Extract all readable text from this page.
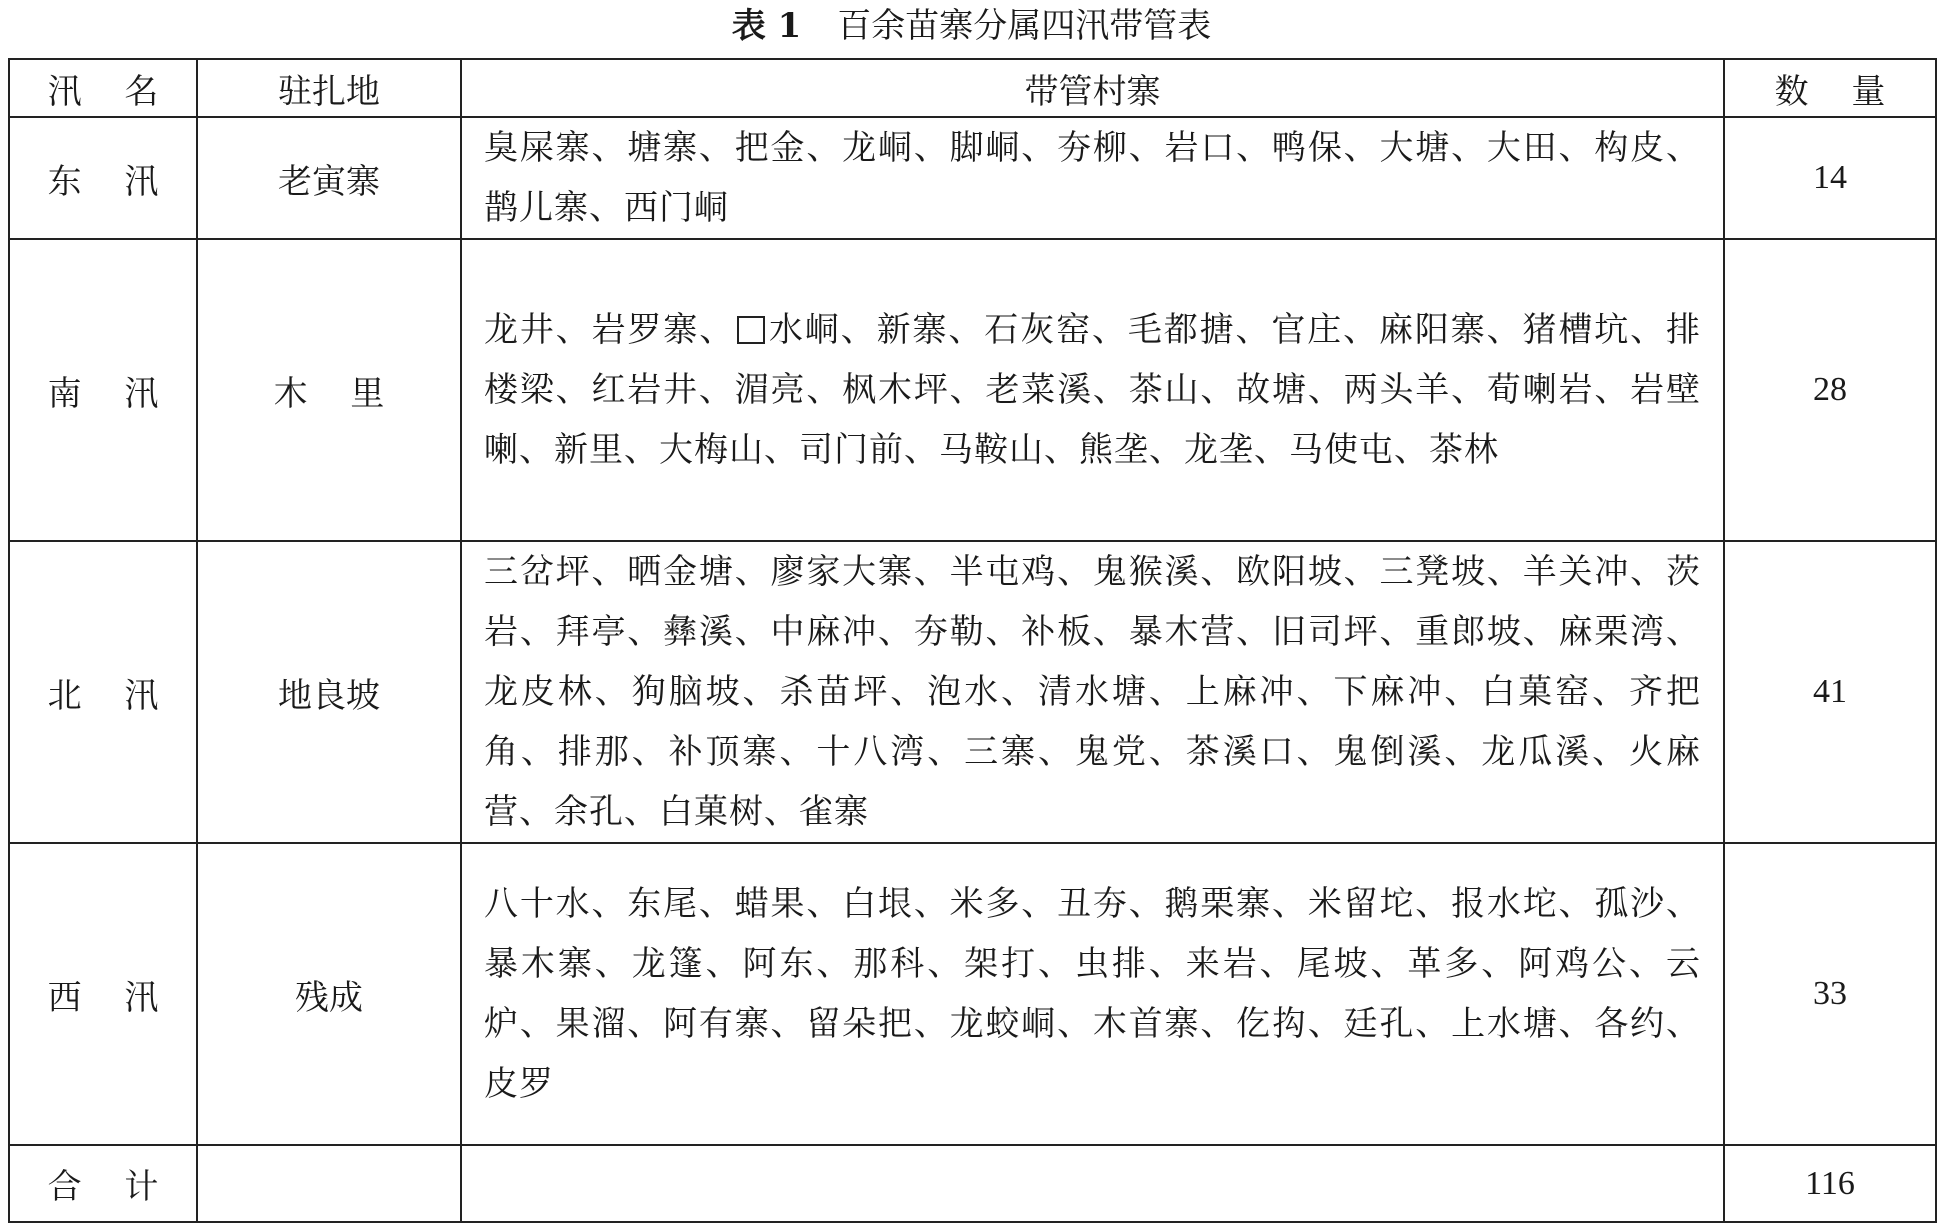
表 1 百余苗寨分属四汛带管表
汛 名	驻扎地	带管村寨	数 量
东 汛	老寅寨	臭屎寨、塘寨、把金、龙峒、脚峒、夯柳、岩口、鸭保、大塘、大田、构皮、鹊儿寨、西门峒	14
南 汛	木 里	龙井、岩罗寨、 水峒、新寨、石灰窑、毛都搪、官庄、麻阳寨、猪槽坑、排楼梁、红岩井、湄亮、枫木坪、老菜溪、茶山、故塘、两头羊、荀喇岩、岩壁喇、新里、大梅山、司门前、马鞍山、熊垄、龙垄、马使屯、茶林	28
北 汛	地良坡	三岔坪、晒金塘、廖家大寨、半屯鸡、鬼猴溪、欧阳坡、三凳坡、羊关冲、茨岩、拜亭、彝溪、中麻冲、夯勒、补板、暴木营、旧司坪、重郎坡、麻栗湾、龙皮林、狗脑坡、杀苗坪、泡水、清水塘、上麻冲、下麻冲、白菓窑、齐把角、排那、补顶寨、十八湾、三寨、鬼党、茶溪口、鬼倒溪、龙瓜溪、火麻营、余孔、白菓树、雀寨	41
西 汛	残成	八十水、东尾、蜡果、白垠、米多、丑夯、鹅栗寨、米留坨、报水坨、孤沙、暴木寨、龙篷、阿东、那科、架打、虫排、来岩、尾坡、革多、阿鸡公、云炉、果溜、阿有寨、留朵把、龙蛟峒、木首寨、仡抅、廷孔、上水塘、各约、皮罗	33
合 计			116
